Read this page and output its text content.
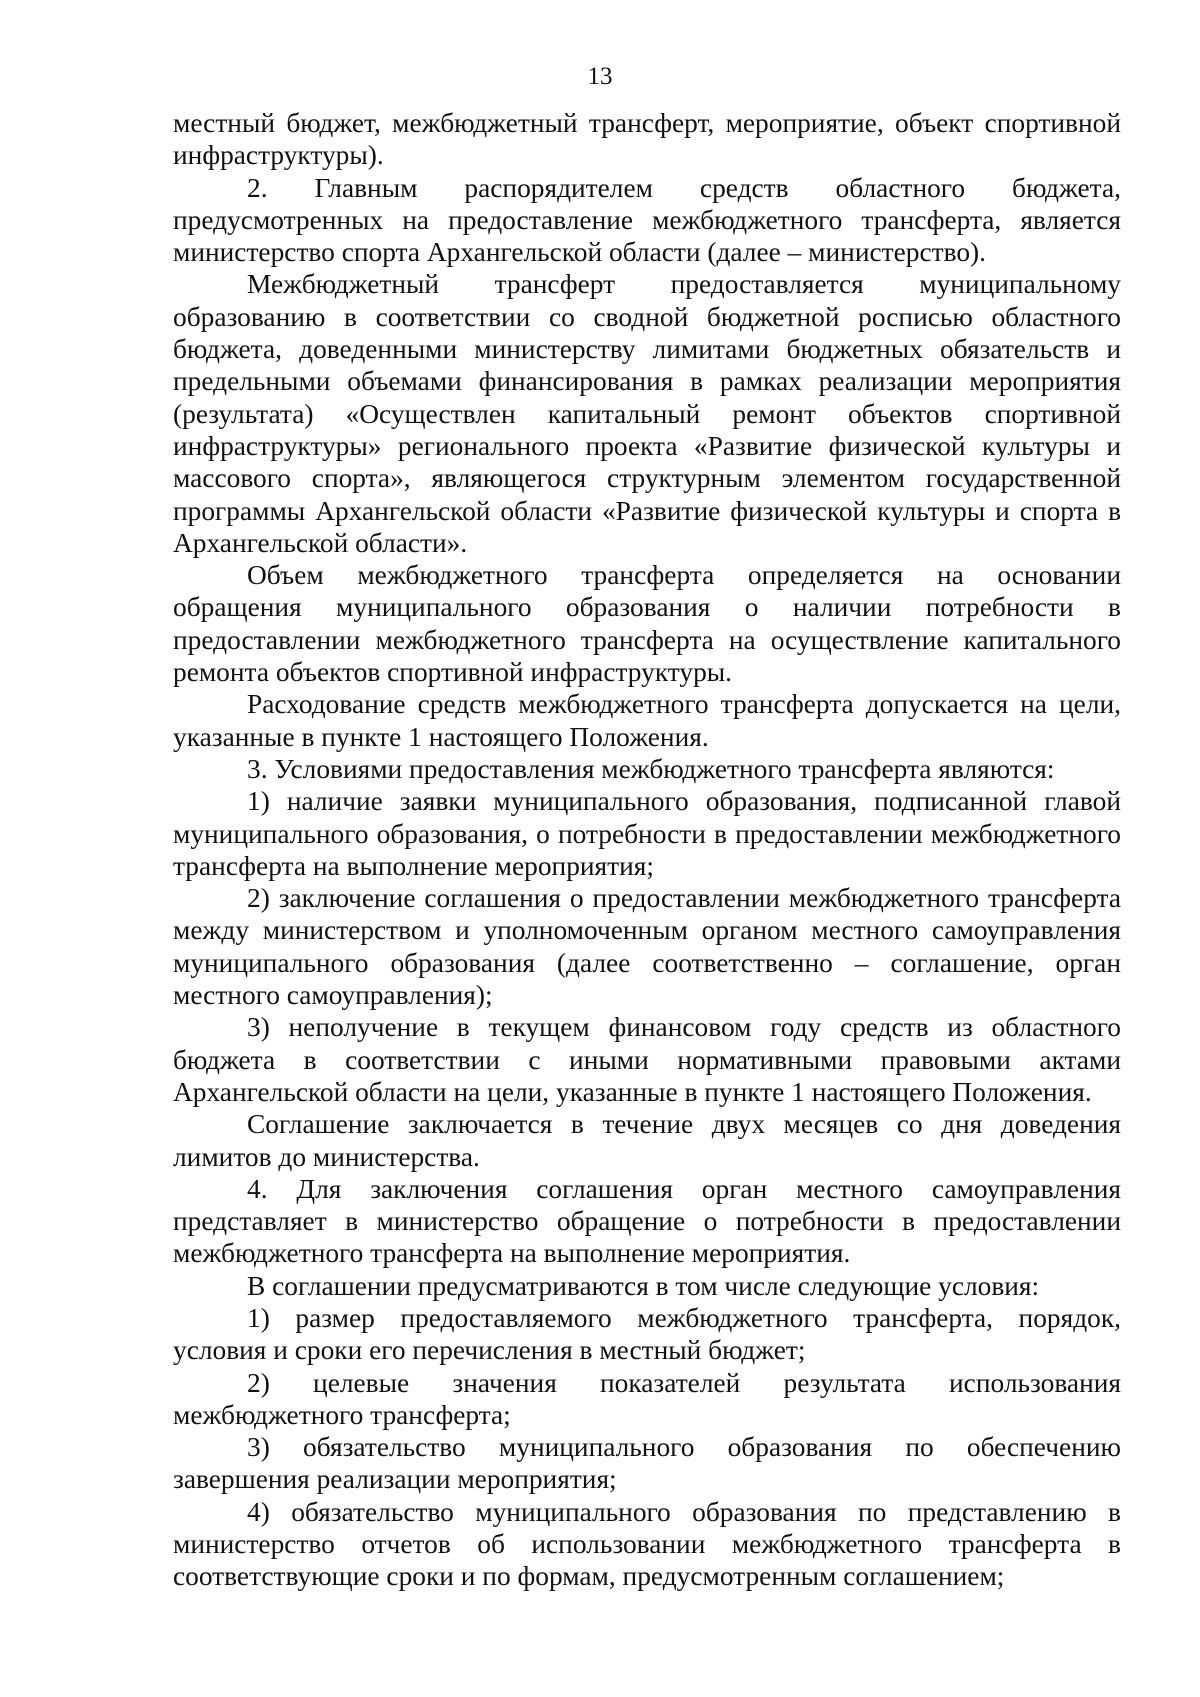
13

местный бюджет, межбюджетный трансферт, мероприятие, объект спортивной инфраструктуры).

2. Главным распорядителем средств областного бюджета, предусмотренных на предоставление межбюджетного трансферта, является министерство спорта Архангельской области (далее – министерство).

Межбюджетный трансферт предоставляется муниципальному образованию в соответствии со сводной бюджетной росписью областного бюджета, доведенными министерству лимитами бюджетных обязательств и предельными объемами финансирования в рамках реализации мероприятия (результата) «Осуществлен капитальный ремонт объектов спортивной инфраструктуры» регионального проекта «Развитие физической культуры и массового спорта», являющегося структурным элементом государственной программы Архангельской области «Развитие физической культуры и спорта в Архангельской области».

Объем межбюджетного трансферта определяется на основании обращения муниципального образования о наличии потребности в предоставлении межбюджетного трансферта на осуществление капитального ремонта объектов спортивной инфраструктуры.

Расходование средств межбюджетного трансферта допускается на цели, указанные в пункте 1 настоящего Положения.

3. Условиями предоставления межбюджетного трансферта являются:

1) наличие заявки муниципального образования, подписанной главой муниципального образования, о потребности в предоставлении межбюджетного трансферта на выполнение мероприятия;

2) заключение соглашения о предоставлении межбюджетного трансферта между министерством и уполномоченным органом местного самоуправления муниципального образования (далее соответственно – соглашение, орган местного самоуправления);

3) неполучение в текущем финансовом году средств из областного бюджета в соответствии с иными нормативными правовыми актами Архангельской области на цели, указанные в пункте 1 настоящего Положения.

Соглашение заключается в течение двух месяцев со дня доведения лимитов до министерства.

4. Для заключения соглашения орган местного самоуправления представляет в министерство обращение о потребности в предоставлении межбюджетного трансферта на выполнение мероприятия.

В соглашении предусматриваются в том числе следующие условия:

1) размер предоставляемого межбюджетного трансферта, порядок, условия и сроки его перечисления в местный бюджет;

2) целевые значения показателей результата использования межбюджетного трансферта;

3) обязательство муниципального образования по обеспечению завершения реализации мероприятия;

4) обязательство муниципального образования по представлению в министерство отчетов об использовании межбюджетного трансферта в соответствующие сроки и по формам, предусмотренным соглашением;
